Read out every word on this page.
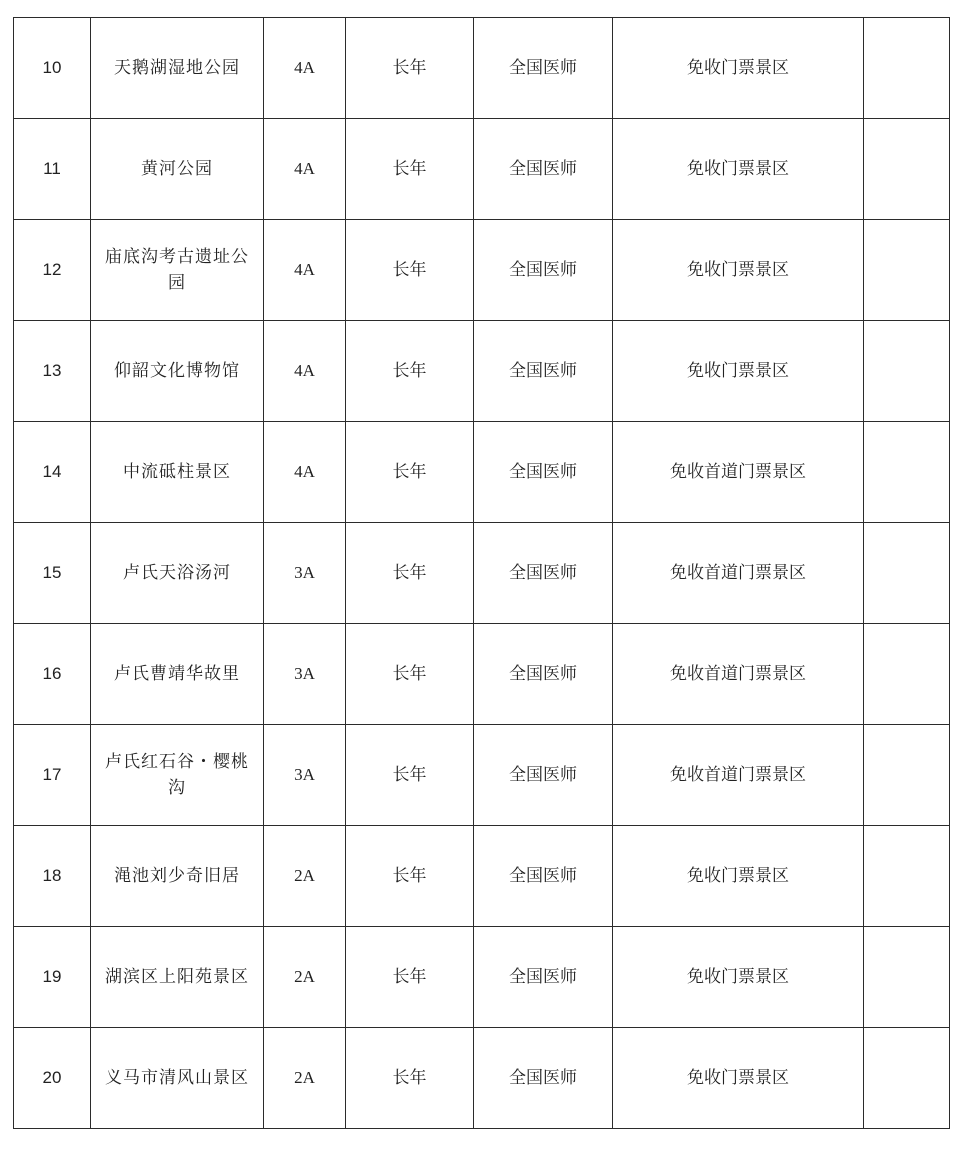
10	天鹅湖湿地公园	4A	长年	全国医师	免收门票景区	
11	黄河公园	4A	长年	全国医师	免收门票景区	
12	庙底沟考古遗址公园	4A	长年	全国医师	免收门票景区	
13	仰韶文化博物馆	4A	长年	全国医师	免收门票景区	
14	中流砥柱景区	4A	长年	全国医师	免收首道门票景区	
15	卢氏天浴汤河	3A	长年	全国医师	免收首道门票景区	
16	卢氏曹靖华故里	3A	长年	全国医师	免收首道门票景区	
17	卢氏红石谷・樱桃沟	3A	长年	全国医师	免收首道门票景区	
18	渑池刘少奇旧居	2A	长年	全国医师	免收门票景区	
19	湖滨区上阳苑景区	2A	长年	全国医师	免收门票景区	
20	义马市清风山景区	2A	长年	全国医师	免收门票景区	
